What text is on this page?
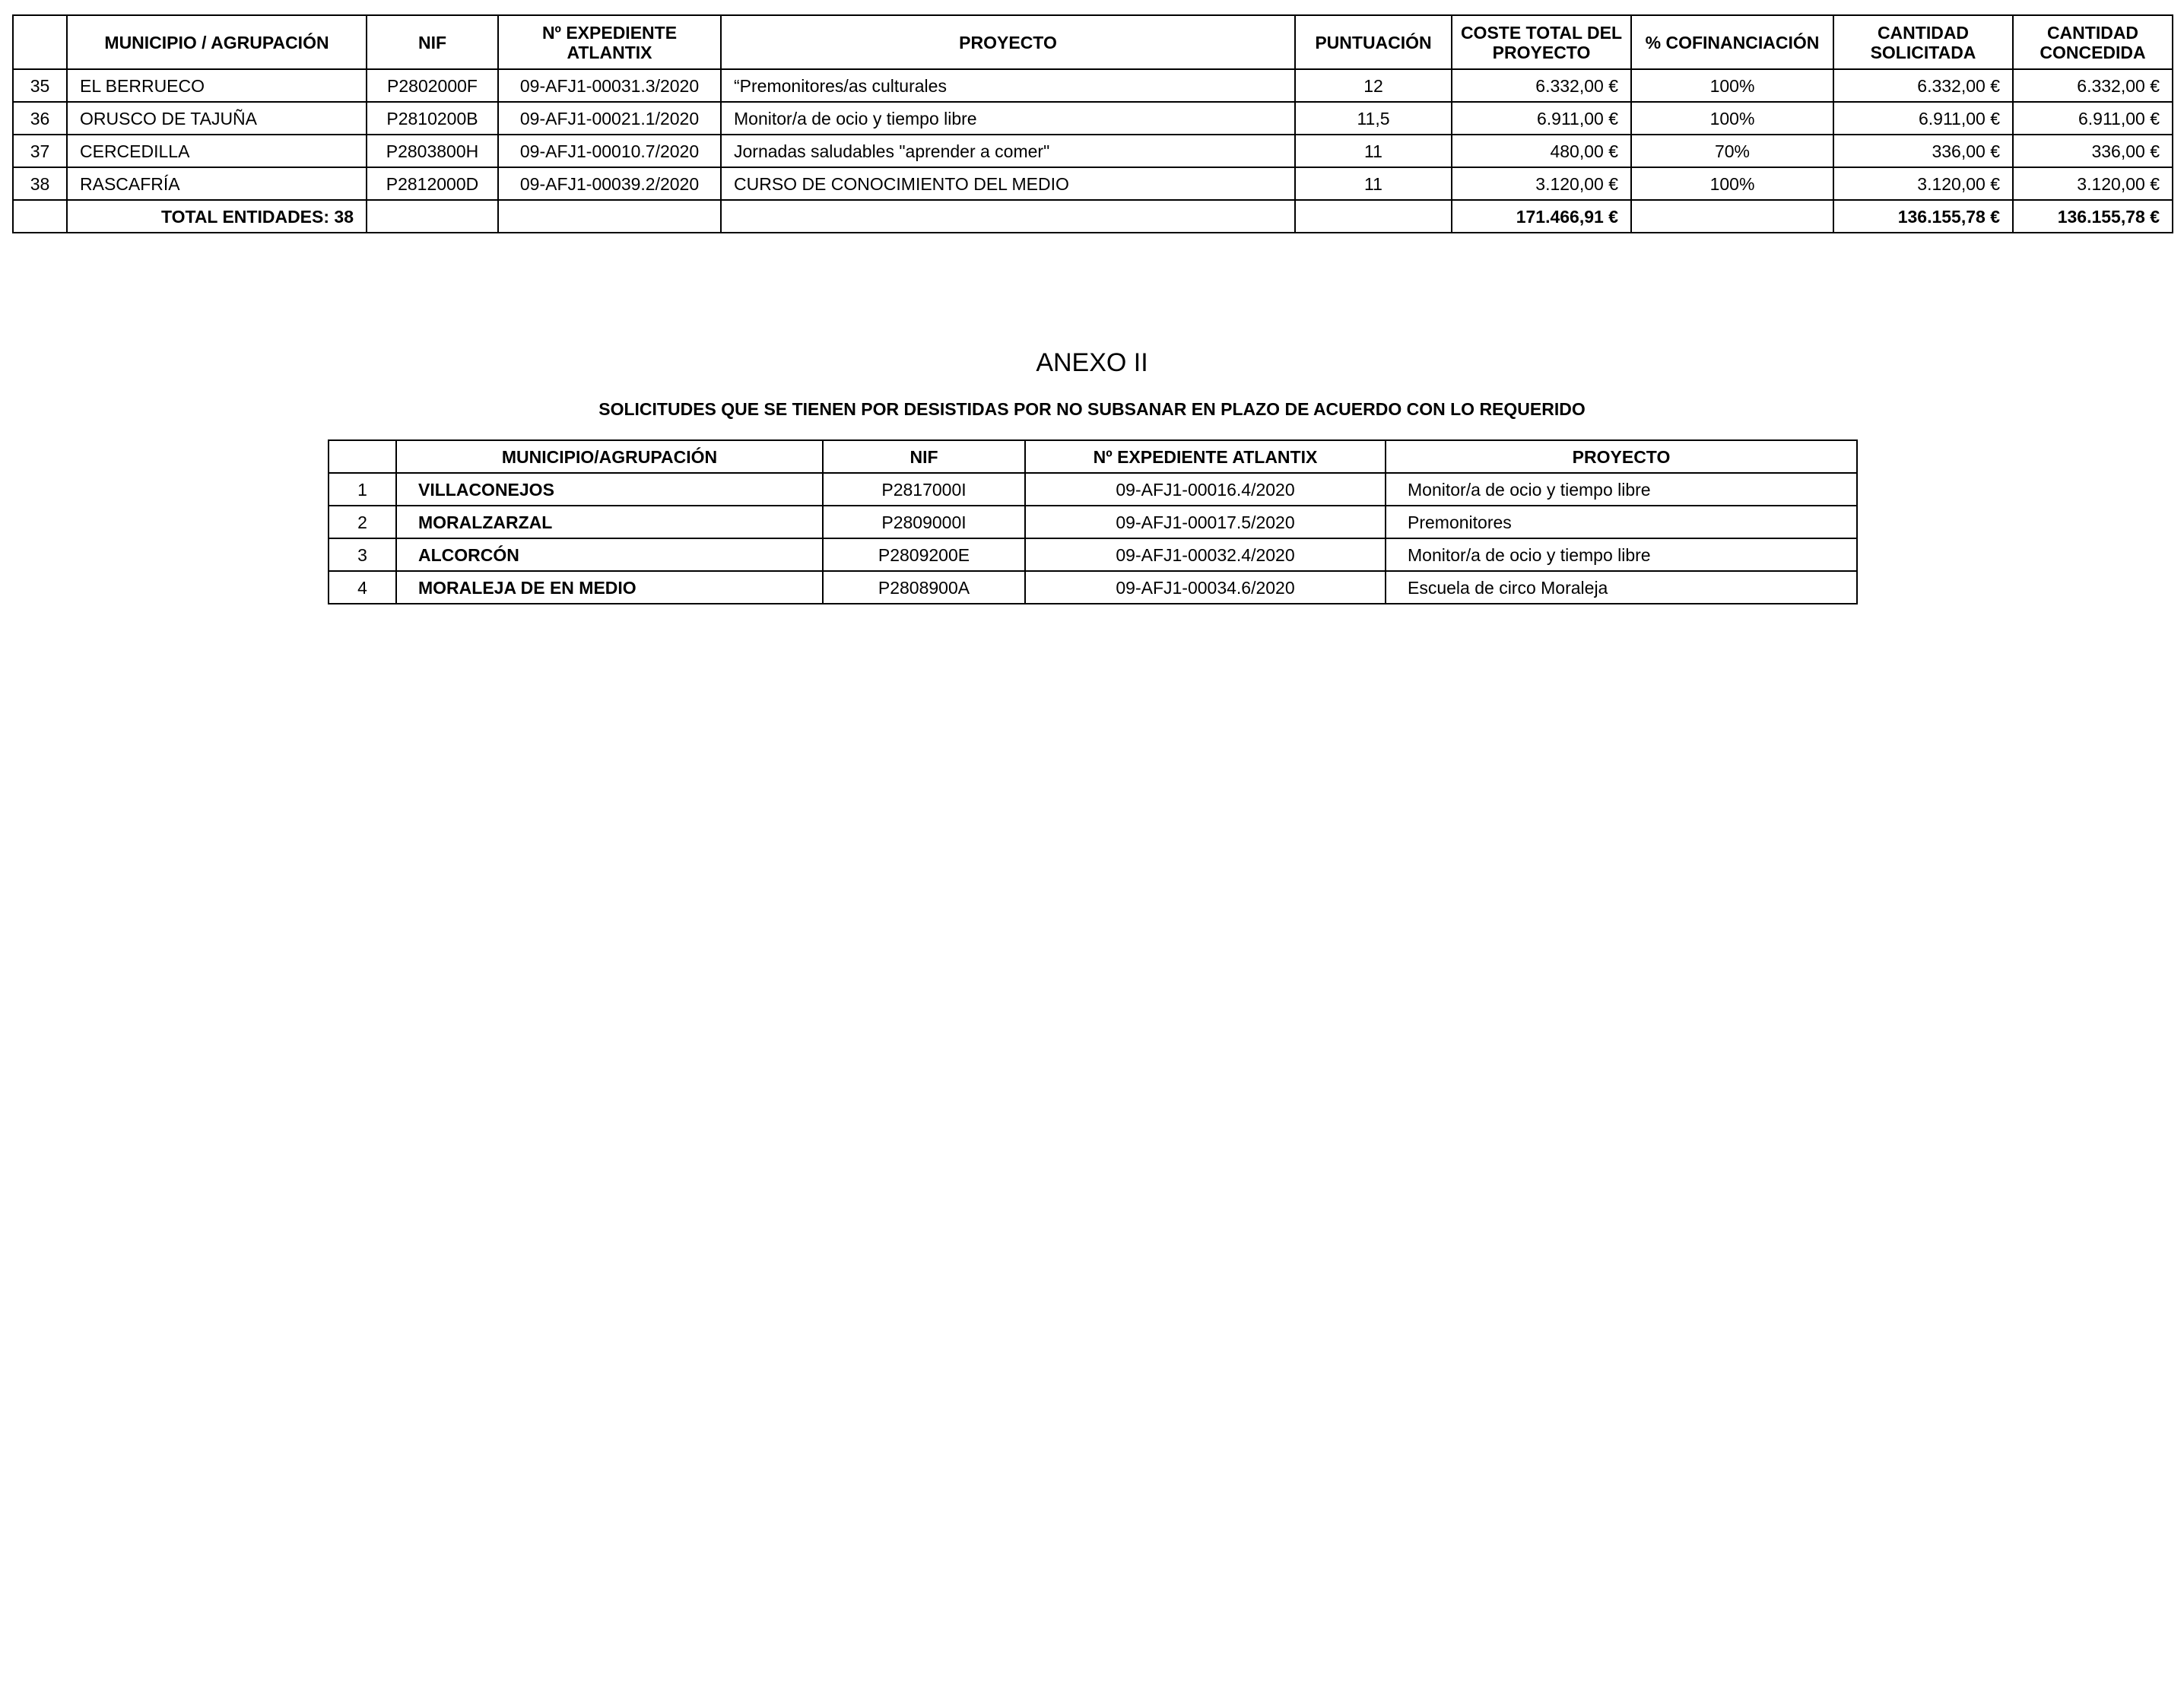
	MUNICIPIO / AGRUPACIÓN	NIF	Nº EXPEDIENTE ATLANTIX	PROYECTO	PUNTUACIÓN	COSTE TOTAL DEL PROYECTO	% COFINANCIACIÓN	CANTIDAD SOLICITADA	CANTIDAD CONCEDIDA
35	EL BERRUECO	P2802000F	09-AFJ1-00031.3/2020	“Premonitores/as culturales	12	6.332,00 €	100%	6.332,00 €	6.332,00 €
36	ORUSCO DE TAJUÑA	P2810200B	09-AFJ1-00021.1/2020	Monitor/a de ocio y tiempo libre	11,5	6.911,00 €	100%	6.911,00 €	6.911,00 €
37	CERCEDILLA	P2803800H	09-AFJ1-00010.7/2020	Jornadas saludables "aprender a comer"	11	480,00 €	70%	336,00 €	336,00 €
38	RASCAFRÍA	P2812000D	09-AFJ1-00039.2/2020	CURSO DE CONOCIMIENTO DEL MEDIO	11	3.120,00 €	100%	3.120,00 €	3.120,00 €
	TOTAL ENTIDADES: 38					171.466,91 €		136.155,78 €	136.155,78 €
ANEXO II
SOLICITUDES QUE SE TIENEN POR DESISTIDAS POR NO SUBSANAR EN PLAZO DE ACUERDO CON LO REQUERIDO
	MUNICIPIO/AGRUPACIÓN	NIF	Nº EXPEDIENTE ATLANTIX	PROYECTO
1	VILLACONEJOS	P2817000I	09-AFJ1-00016.4/2020	Monitor/a de ocio y tiempo libre
2	MORALZARZAL	P2809000I	09-AFJ1-00017.5/2020	Premonitores
3	ALCORCÓN	P2809200E	09-AFJ1-00032.4/2020	Monitor/a de ocio y tiempo libre
4	MORALEJA DE EN MEDIO	P2808900A	09-AFJ1-00034.6/2020	Escuela de circo Moraleja
